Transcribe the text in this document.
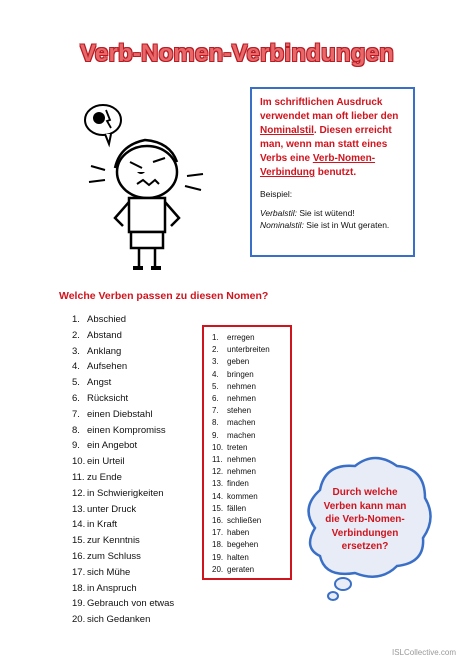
Verb-Nomen-Verbindungen
Im schriftlichen Ausdruck verwendet man oft lieber den Nominalstil. Diesen erreicht man, wenn man statt eines Verbs eine Verb-Nomen-Verbindung benutzt.
Beispiel:
Verbalstil: Sie ist wütend!
Nominalstil: Sie ist in Wut geraten.
Welche Verben passen zu diesen Nomen?
1. Abschied
2. Abstand
3. Anklang
4. Aufsehen
5. Angst
6. Rücksicht
7. einen Diebstahl
8. einen Kompromiss
9. ein Angebot
10. ein Urteil
11. zu Ende
12. in Schwierigkeiten
13. unter Druck
14. in Kraft
15. zur Kenntnis
16. zum Schluss
17. sich Mühe
18. in Anspruch
19. Gebrauch von etwas
20. sich Gedanken
1. erregen
2. unterbreiten
3. geben
4. bringen
5. nehmen
6. nehmen
7. stehen
8. machen
9. machen
10. treten
11. nehmen
12. nehmen
13. finden
14. kommen
15. fällen
16. schließen
17. haben
18. begehen
19. halten
20. geraten
Durch welche
Verben kann man
die Verb-Nomen-
Verbindungen
ersetzen?
ISLCollective.com
